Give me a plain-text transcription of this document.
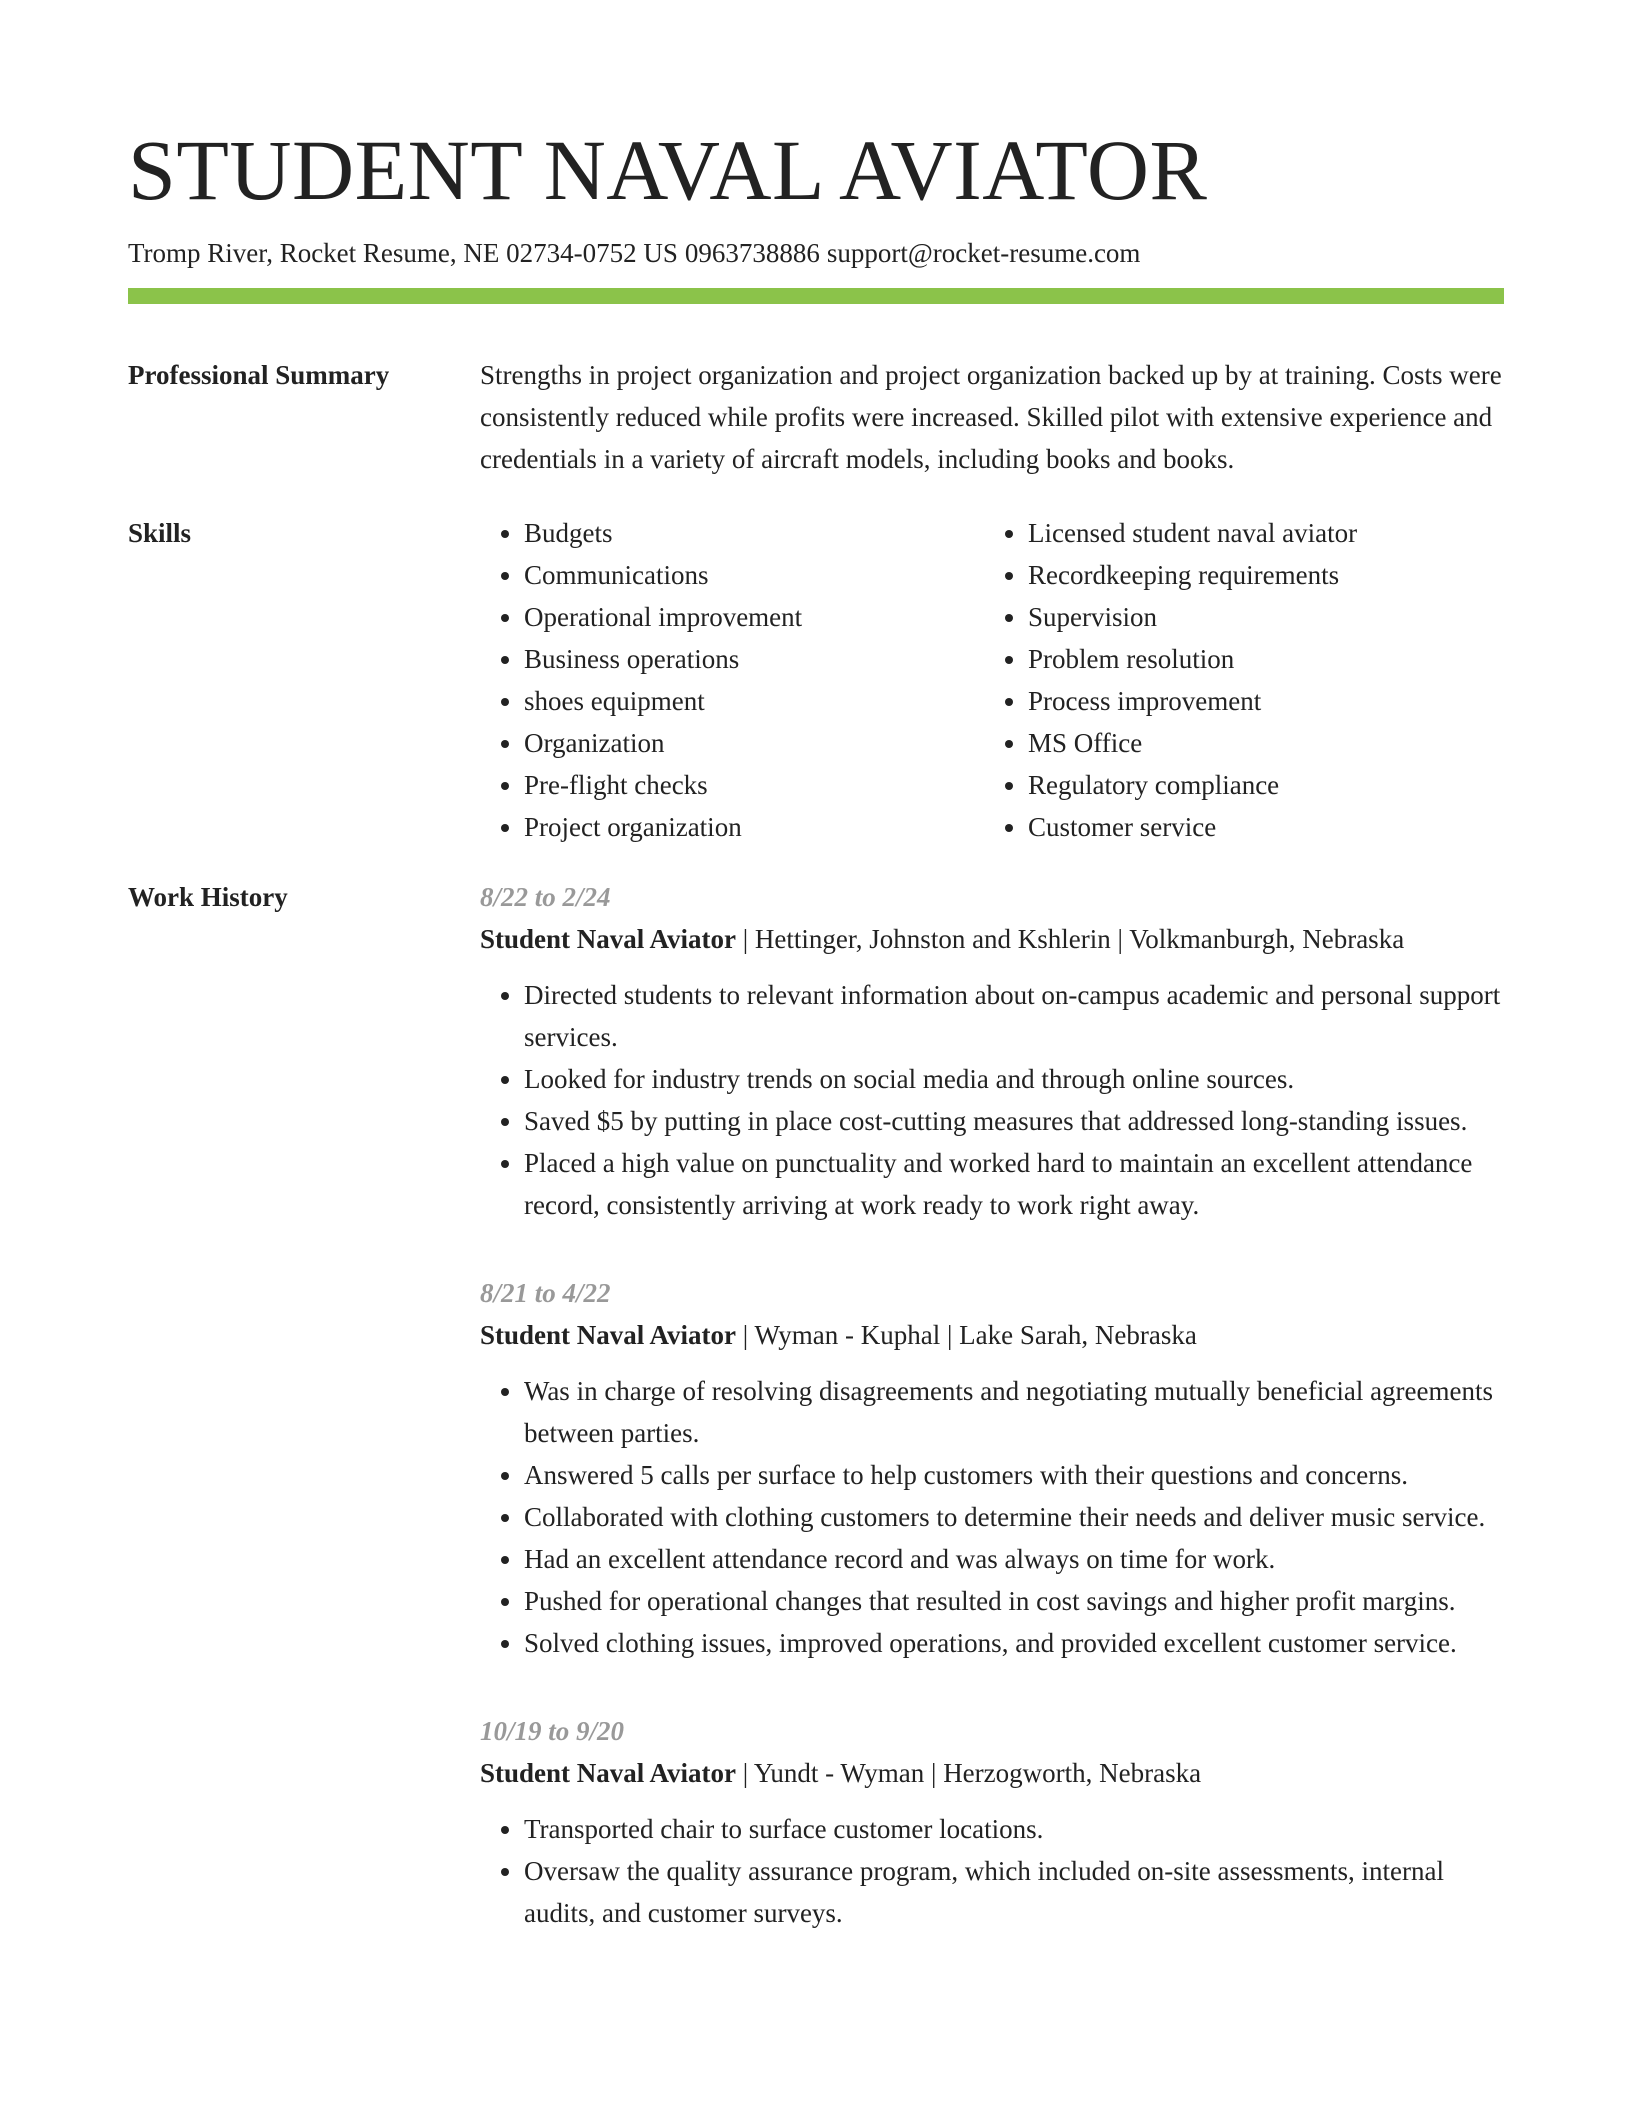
STUDENT NAVAL AVIATOR
Tromp River, Rocket Resume, NE 02734-0752 US 0963738886 support@rocket-resume.com
Professional Summary	Strengths in project organization and project organization backed up by at training. Costs were consistently reduced while profits were increased. Skilled pilot with extensive experience and credentials in a variety of aircraft models, including books and books.
Skills
•	Budgets
• Communications
• Operational improvement
• Business operations
• shoes equipment
• Organization
• Pre-flight checks
• Project organization
• Licensed student naval aviator
• Recordkeeping requirements
• Supervision
• Problem resolution
• Process improvement
• MS Office
• Regulatory compliance
• Customer service
Work History	8/22 to 2/24
Student Naval Aviator | Hettinger, Johnston and Kshlerin | Volkmanburgh, Nebraska
• Directed students to relevant information about on-campus academic and personal support services.
• Looked for industry trends on social media and through online sources.
• Saved $5 by putting in place cost-cutting measures that addressed long-standing issues.
• Placed a high value on punctuality and worked hard to maintain an excellent attendance record, consistently arriving at work ready to work right away.
8/21 to 4/22
Student Naval Aviator | Wyman - Kuphal | Lake Sarah, Nebraska
• Was in charge of resolving disagreements and negotiating mutually beneficial agreements between parties.
• Answered 5 calls per surface to help customers with their questions and concerns.
• Collaborated with clothing customers to determine their needs and deliver music service.
• Had an excellent attendance record and was always on time for work.
• Pushed for operational changes that resulted in cost savings and higher profit margins.
• Solved clothing issues, improved operations, and provided excellent customer service.
10/19 to 9/20
Student Naval Aviator | Yundt - Wyman | Herzogworth, Nebraska
• Transported chair to surface customer locations.
• Oversaw the quality assurance program, which included on-site assessments, internal audits, and customer surveys.
